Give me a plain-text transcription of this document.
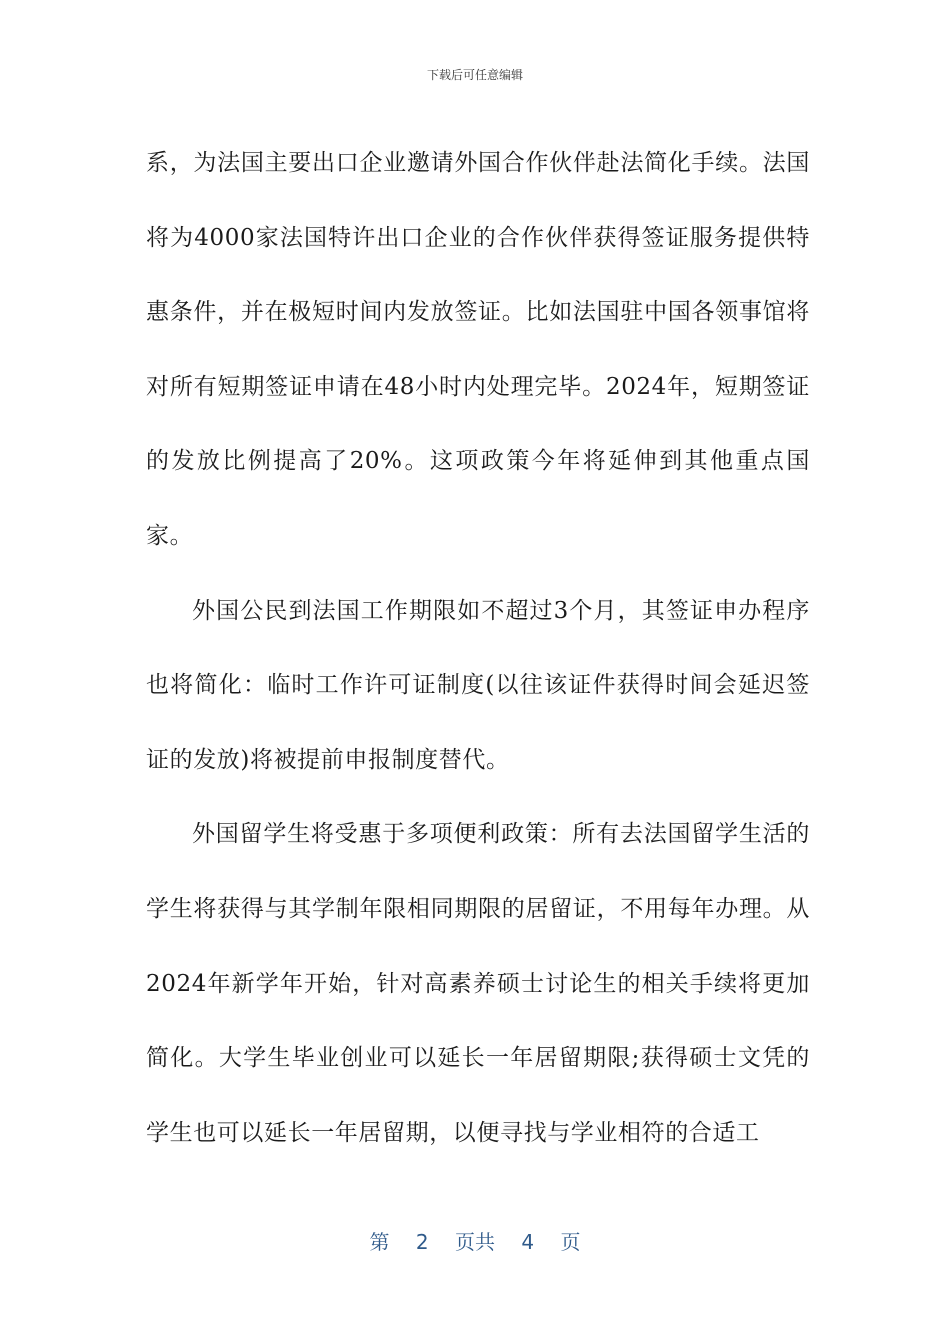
下载后可任意编辑

系，为法国主要出口企业邀请外国合作伙伴赴法简化手续。法国将为4000家法国特许出口企业的合作伙伴获得签证服务提供特惠条件，并在极短时间内发放签证。比如法国驻中国各领事馆将对所有短期签证申请在48小时内处理完毕。2024年，短期签证的发放比例提高了20%。这项政策今年将延伸到其他重点国家。

外国公民到法国工作期限如不超过3个月，其签证申办程序也将简化：临时工作许可证制度(以往该证件获得时间会延迟签证的发放)将被提前申报制度替代。

外国留学生将受惠于多项便利政策：所有去法国留学生活的学生将获得与其学制年限相同期限的居留证，不用每年办理。从2024年新学年开始，针对高素养硕士讨论生的相关手续将更加简化。大学生毕业创业可以延长一年居留期限;获得硕士文凭的学生也可以延长一年居留期，以便寻找与学业相符的合适工

第 2 页共 4 页
